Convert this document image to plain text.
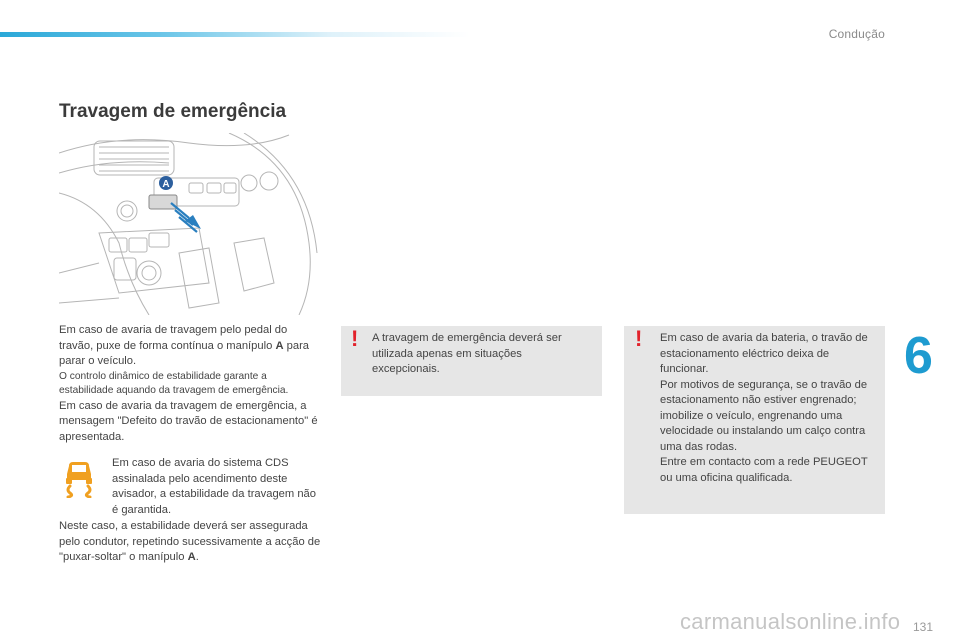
Condução
Travagem de emergência
A

Em caso de avaria de travagem pelo pedal do travão, puxe de forma contínua o manípulo A para parar o veículo.

O controlo dinâmico de estabilidade garante a estabilidade aquando da travagem de emergência.

Em caso de avaria da travagem de emergência, a mensagem "Defeito do travão de estacionamento" é apresentada.

Em caso de avaria do sistema CDS assinalada pelo acendimento deste avisador, a estabilidade da travagem não é garantida.

Neste caso, a estabilidade deverá ser assegurada pelo condutor, repetindo sucessivamente a acção de "puxar-soltar" o manípulo A.

! A travagem de emergência deverá ser utilizada apenas em situações excepcionais.

! Em caso de avaria da bateria, o travão de estacionamento eléctrico deixa de funcionar.

Por motivos de segurança, se o travão de estacionamento não estiver engrenado; imobilize o veículo, engrenando uma velocidade ou instalando um calço contra uma das rodas.

Entre em contacto com a rede PEUGEOT ou uma oficina qualificada.

6
carmanualsonline.info 131
